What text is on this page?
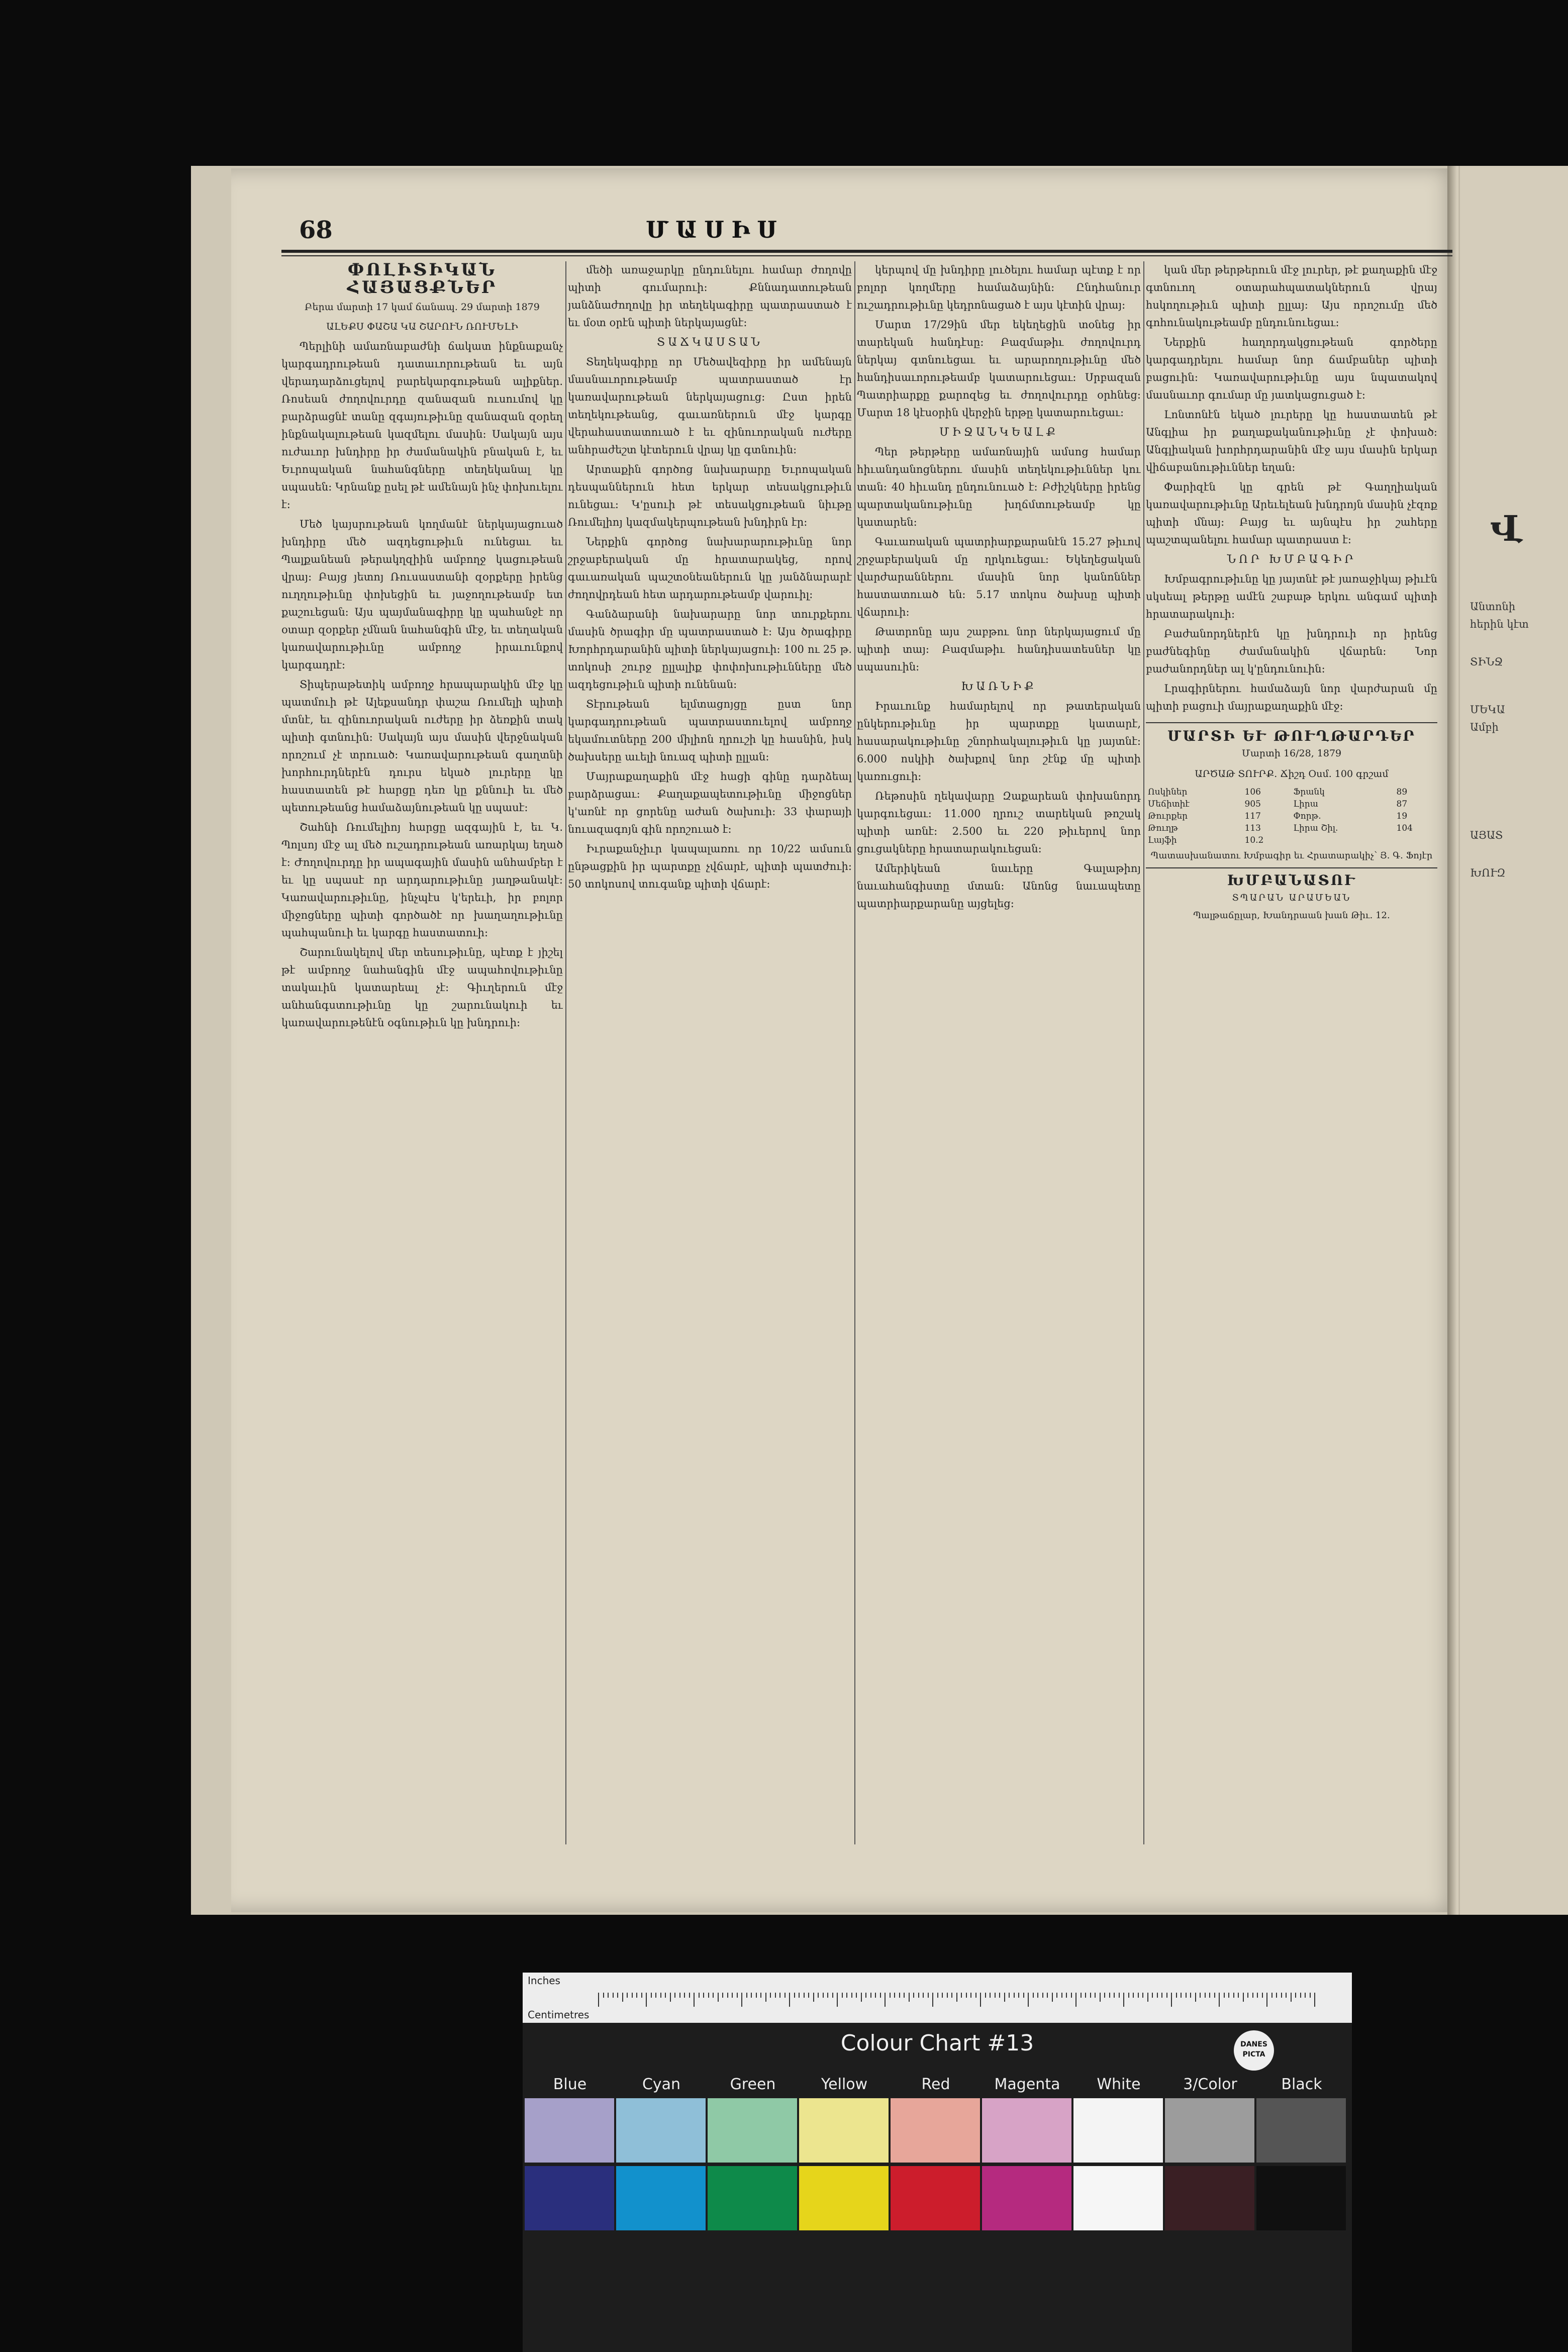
Վ
Անտոնի
հերին կէտ
ՏԻՆՋ
ՄԵԿԱ
Ամբի
ԱՅԱՏ
ԽՈՒԶ
68	ՄԱՍԻՍ

ՓՈԼԻՏԻԿԱՆ ՀԱՅԱՑՔՆԵՐ

Բերա մարտի 17 կամ ճանապ. 29 մարտի 1879

ԱԼԵՔՍ ՓԱՇԱ ԿԱ ՇԱՐՈՒՆ ՌՈՒՄԵԼԻ

Պերլինի ամառնաբաժնի ճակատ ինքնաքանչ կարգադրութեան դատաւորութեան եւ այն վերադարձուցելով բարեկարգութեան ալիքներ. Ռոսեան ժողովուրդը զանազան ուսումով կը բարձրացնէ տանը զգայութիւնը զանազան զօրեղ ինքնակալութեան կազմելու մասին։ Սակայն այս ուժաւոր խնդիրը իր ժամանակին բնական է, եւ Եւրոպական նահանգները տեղեկանալ կը սպասեն։ Կրնանք ըսել թէ ամենայն ինչ փոխուելու է։

Մեծ կայսրութեան կողմանէ ներկայացուած խնդիրը մեծ ազդեցութիւն ունեցաւ եւ Պալքանեան թերակղզիին ամբողջ կացութեան վրայ։ Բայց յետոյ Ռուսաստանի զօրքերը իրենց ուղղութիւնը փոխեցին եւ յաջողութեամբ ետ քաշուեցան։ Այս պայմանագիրը կը պահանջէ որ օտար զօրքեր չմնան նահանգին մէջ, եւ տեղական կառավարութիւնը ամբողջ իրաւունքով կարգադրէ։

Տիպերաթետիկ ամբողջ հրապարակին մէջ կը պատմուի թէ Ալեքսանդր փաշա Ռումելի պիտի մտնէ, եւ զինուորական ուժերը իր ձեռքին տակ պիտի գտնուին։ Սակայն այս մասին վերջնական որոշում չէ տրուած։ Կառավարութեան գաղտնի խորհուրդներէն դուրս եկած լուրերը կը հաստատեն թէ հարցը դեռ կը քննուի եւ մեծ պետութեանց համաձայնութեան կը սպասէ։

Շահնի Ռումելիոյ հարցը ազգային է, եւ Կ. Պոլսոյ մէջ ալ մեծ ուշադրութեան առարկայ եղած է։ Ժողովուրդը իր ապագային մասին անհամբեր է եւ կը սպասէ որ արդարութիւնը յաղթանակէ։ Կառավարութիւնը, ինչպէս կ'երեւի, իր բոլոր միջոցները պիտի գործածէ որ խաղաղութիւնը պահպանուի եւ կարգը հաստատուի։

Շարունակելով մեր տեսութիւնը, պէտք է յիշել թէ ամբողջ նահանգին մէջ ապահովութիւնը տակաւին կատարեալ չէ։ Գիւղերուն մէջ անհանգստութիւնը կը շարունակուի եւ կառավարութենէն օգնութիւն կը խնդրուի։

մեծի առաջարկը ընդունելու համար ժողովը պիտի գումարուի։ Քննադատութեան յանձնաժողովը իր տեղեկագիրը պատրաստած է եւ մօտ օրէն պիտի ներկայացնէ։

ՏԱՃԿԱՍՏԱՆ

Տեղեկագիրը որ Մեծավեզիրը իր ամենայն մասնաւորութեամբ պատրաստած էր կառավարութեան ներկայացուց։ Ըստ իրեն տեղեկութեանց, գաւառներուն մէջ կարգը վերահաստատուած է եւ զինուորական ուժերը անհրաժեշտ կէտերուն վրայ կը գտնուին։

Արտաքին գործոց նախարարը Եւրոպական դեսպաններուն հետ երկար տեսակցութիւն ունեցաւ։ Կ'ըսուի թէ տեսակցութեան նիւթը Ռումելիոյ կազմակերպութեան խնդիրն էր։

Ներքին գործոց նախարարութիւնը նոր շրջաբերական մը հրատարակեց, որով գաւառական պաշտօնեաներուն կը յանձնարարէ ժողովրդեան հետ արդարութեամբ վարուիլ։

Գանձարանի նախարարը նոր տուրքերու մասին ծրագիր մը պատրաստած է։ Այս ծրագիրը Խորհրդարանին պիտի ներկայացուի։ 100 ու 25 թ. տոկոսի շուրջ ըլլալիք փոփոխութիւնները մեծ ազդեցութիւն պիտի ունենան։

Տէրութեան ելմտացոյցը ըստ նոր կարգադրութեան պատրաստուելով ամբողջ եկամուտները 200 միլիոն ղրուշի կը հասնին, իսկ ծախսերը աւելի նուազ պիտի ըլլան։

Մայրաքաղաքին մէջ հացի գինը դարձեալ բարձրացաւ։ Քաղաքապետութիւնը միջոցներ կ'առնէ որ ցորենը աժան ծախուի։ 33 փարայի նուազագոյն գին որոշուած է։

Իւրաքանչիւր կապալառու որ 10/22 ամսուն ընթացքին իր պարտքը չվճարէ, պիտի պատժուի։ 50 տոկոսով տուգանք պիտի վճարէ։

կերպով մը խնդիրը լուծելու համար պէտք է որ բոլոր կողմերը համաձայնին։ Ընդհանուր ուշադրութիւնը կեդրոնացած է այս կէտին վրայ։

Մարտ 17/29ին մեր եկեղեցին տօնեց իր տարեկան հանդէսը։ Բազմաթիւ ժողովուրդ ներկայ գտնուեցաւ եւ արարողութիւնը մեծ հանդիսաւորութեամբ կատարուեցաւ։ Սրբազան Պատրիարքը քարոզեց եւ ժողովուրդը օրհնեց։ Մարտ 18 կէսօրին վերջին երթը կատարուեցաւ։

ՄԻՋԱՆԿԵԱԼՔ

Պեր թերթերը ամառնային ամսոց համար հիւանդանոցներու մասին տեղեկութիւններ կու տան։ 40 հիւանդ ընդունուած է։ Բժիշկները իրենց պարտականութիւնը խղճմտութեամբ կը կատարեն։

Գաւառական պատրիարքարանէն 15.27 թիւով շրջաբերական մը ղրկուեցաւ։ Եկեղեցական վարժարաններու մասին նոր կանոններ հաստատուած են։ 5.17 տոկոս ծախսը պիտի վճարուի։

Թատրոնը այս շաբթու նոր ներկայացում մը պիտի տայ։ Բազմաթիւ հանդիսատեսներ կը սպասուին։

ԽԱՌՆԻՔ

Իրաւունք համարելով որ թատերական ընկերութիւնը իր պարտքը կատարէ, հասարակութիւնը շնորհակալութիւն կը յայտնէ։ 6.000 ոսկիի ծախքով նոր շէնք մը պիտի կառուցուի։

Ռեթոսին ղեկավարը Զաքարեան փոխանորդ կարգուեցաւ։ 11.000 ղրուշ տարեկան թոշակ պիտի առնէ։ 2.500 եւ 220 թիւերով նոր ցուցակները հրատարակուեցան։

Ամերիկեան նաւերը Գալաթիոյ նաւահանգիստը մտան։ Անոնց նաւապետը պատրիարքարանը այցելեց։

կան մեր թերթերուն մէջ լուրեր, թէ քաղաքին մէջ գտնուող օտարահպատակներուն վրայ հսկողութիւն պիտի ըլլայ։ Այս որոշումը մեծ գոհունակութեամբ ընդունուեցաւ։

Ներքին հաղորդակցութեան գործերը կարգադրելու համար նոր ճամբաներ պիտի բացուին։ Կառավարութիւնը այս նպատակով մասնաւոր գումար մը յատկացուցած է։

Լոնտոնէն եկած լուրերը կը հաստատեն թէ Անգլիա իր քաղաքականութիւնը չէ փոխած։ Անգլիական խորհրդարանին մէջ այս մասին երկար վիճաբանութիւններ եղան։

Փարիզէն կը գրեն թէ Գաղղիական կառավարութիւնը Արեւելեան խնդրոյն մասին չէզոք պիտի մնայ։ Բայց եւ այնպէս իր շահերը պաշտպանելու համար պատրաստ է։

ՆՈՐ ԽՄԲԱԳԻՐ

Խմբագրութիւնը կը յայտնէ թէ յառաջիկայ թիւէն սկսեալ թերթը ամէն շաբաթ երկու անգամ պիտի հրատարակուի։

Բաժանորդներէն կը խնդրուի որ իրենց բաժնեգինը ժամանակին վճարեն։ Նոր բաժանորդներ ալ կ'ընդունուին։

Լրագիրներու համաձայն նոր վարժարան մը պիտի բացուի մայրաքաղաքին մէջ։

ՄԱՐՏԻ ԵՒ ԹՈՒՂԹԱՐԴԵՐ

Մարտի 16/28, 1879

ԱՐԾԱԹ ՏՈՒՐՔ. Ճիշդ Օսմ. 100 գրշամ

Ոսկիներ	106	Ֆրանկ	89
Մեճիտիէ	905	Լիրա	87
Թուրքեր	117	Փորթ.	19
Թուղթ	113	Լիրա Շիլ.	104
Լայֆի	10.2		

Պատասխանատու Խմբագիր եւ Հրատարակիչ՝ Յ. Գ. Ֆոյէր

ԽՄԲԱՆԱՏՈՒ
ՏՊԱՐԱՆ ԱՐԱՄԵԱՆ
Պալթաճըլար, Խանդրաան խան Թիւ. 12.
Inches
Centimetres
Colour Chart #13	DANES PICTA
Blue	Cyan	Green	Yellow	Red	Magenta	White	3/Color	Black
